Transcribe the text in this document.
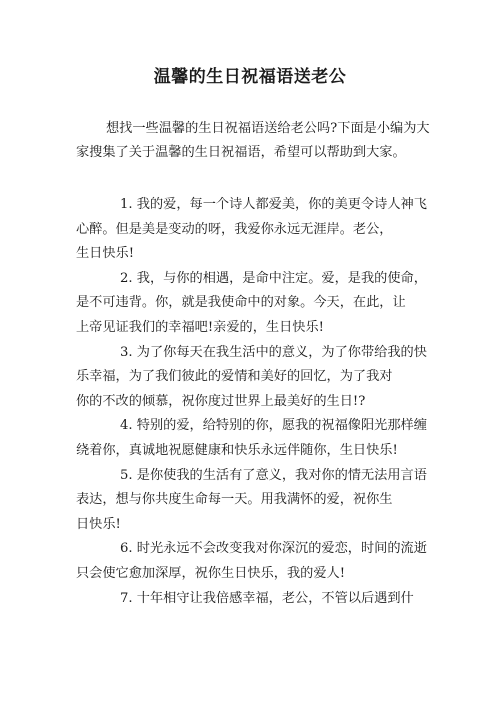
温馨的生日祝福语送老公

想找一些温馨的生日祝福语送给老公吗?下面是小编为大家搜集了关于温馨的生日祝福语，希望可以帮助到大家。

1. 我的爱，每一个诗人都爱美，你的美更令诗人神飞心醉。但是美是变动的呀，我爱你永远无涯岸。老公，
生日快乐!

2. 我，与你的相遇，是命中注定。爱，是我的使命，是不可违背。你，就是我使命中的对象。今天，在此，让
上帝见证我们的幸福吧!亲爱的，生日快乐!

3. 为了你每天在我生活中的意义，为了你带给我的快乐幸福，为了我们彼此的爱情和美好的回忆，为了我对
你的不改的倾慕，祝你度过世界上最美好的生日!?

4. 特别的爱，给特别的你，愿我的祝福像阳光那样缠绕着你，真诚地祝愿健康和快乐永远伴随你，生日快乐!

5. 是你使我的生活有了意义，我对你的情无法用言语表达，想与你共度生命每一天。用我满怀的爱，祝你生
日快乐!

6. 时光永远不会改变我对你深沉的爱恋，时间的流逝只会使它愈加深厚，祝你生日快乐，我的爱人!

7. 十年相守让我倍感幸福，老公，不管以后遇到什
